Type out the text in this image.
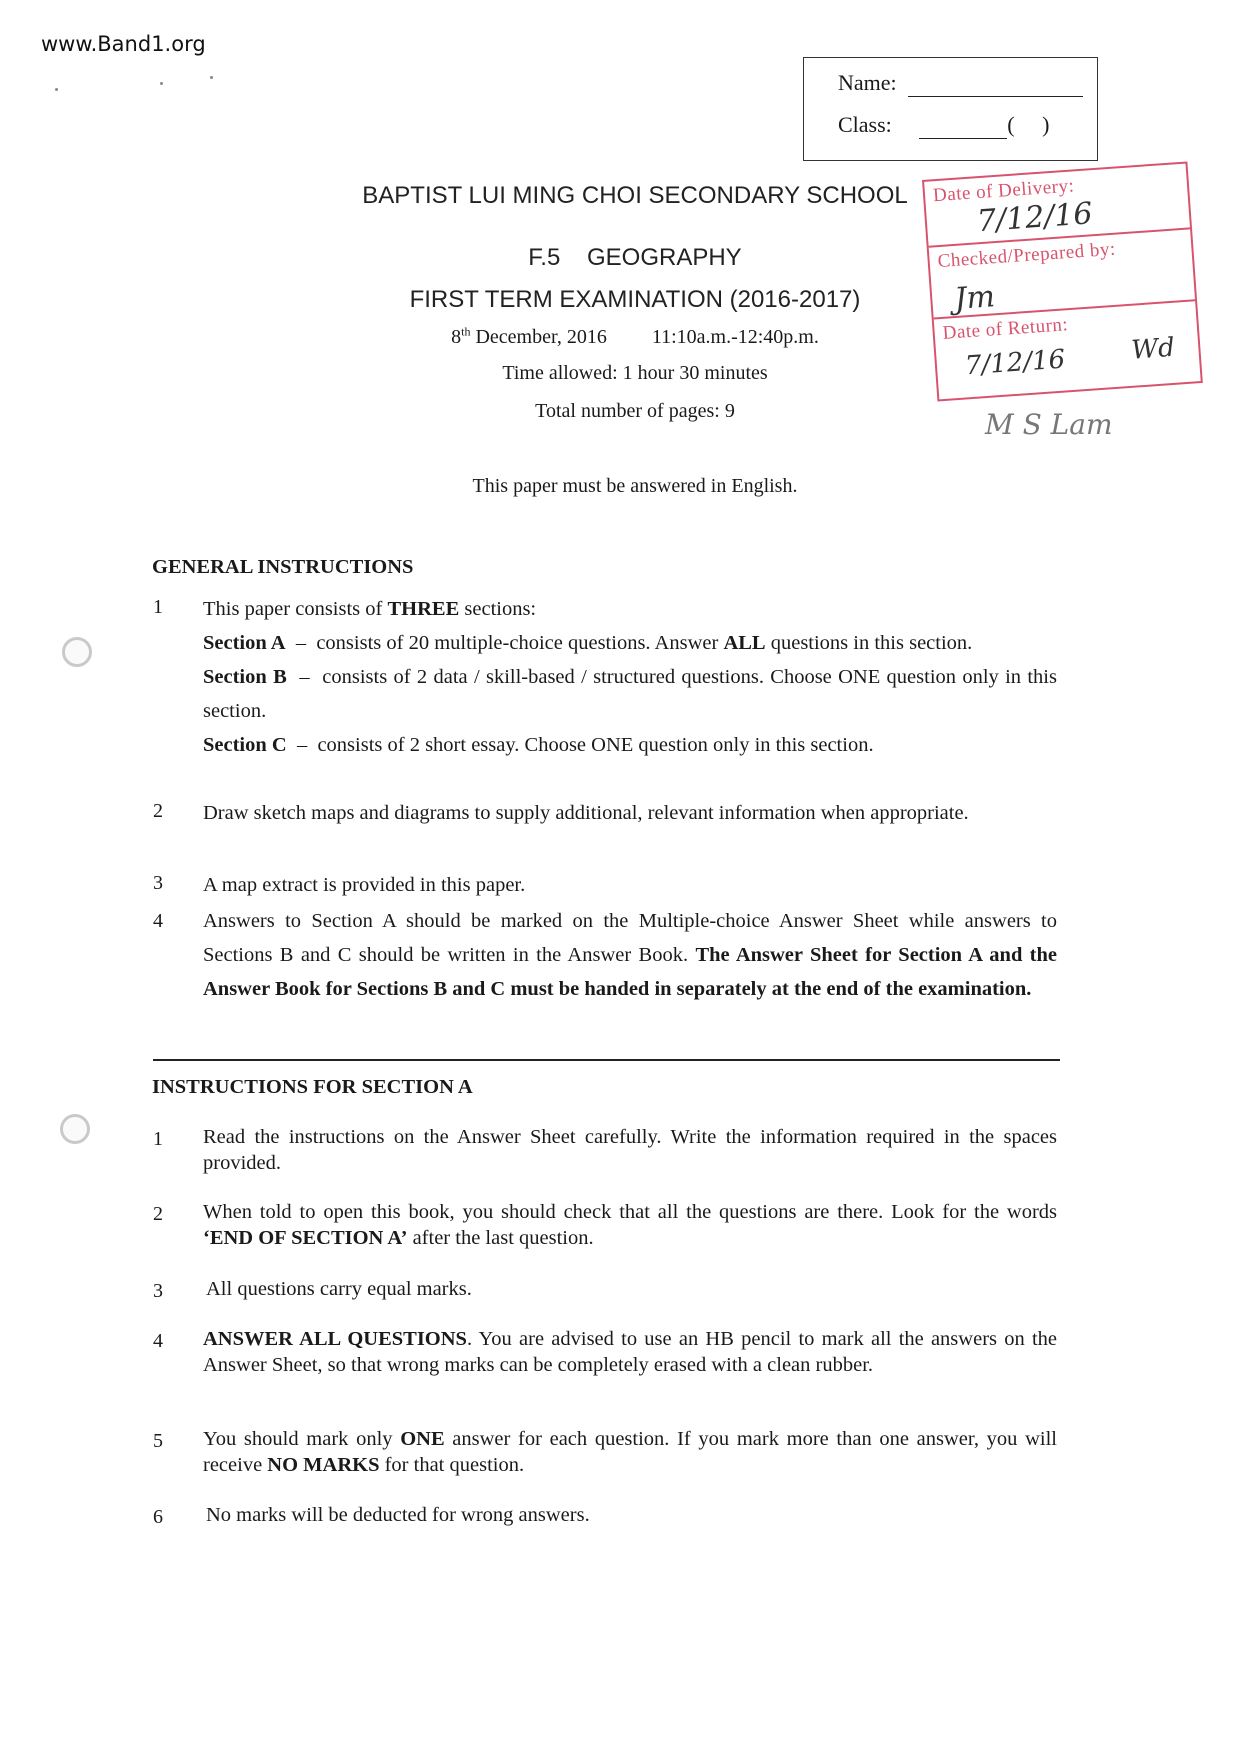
www.Band1.org
Name:
Class:	(     )
BAPTIST LUI MING CHOI SECONDARY SCHOOL
F.5    GEOGRAPHY
FIRST TERM EXAMINATION (2016-2017)
8th December, 2016 11:10a.m.-12:40p.m.
Time allowed: 1 hour 30 minutes
Total number of pages: 9
This paper must be answered in English.
Date of Delivery:
7/12/16
Checked/Prepared by:
Jm
Date of Return:
7/12/16 Wd
M S Lam
GENERAL INSTRUCTIONS
1 This paper consists of THREE sections:
Section A  –  consists of 20 multiple-choice questions. Answer ALL questions in this section.
Section B  –  consists of 2 data / skill-based / structured questions. Choose ONE question only in this section.
Section C  –  consists of 2 short essay. Choose ONE question only in this section.
2 Draw sketch maps and diagrams to supply additional, relevant information when appropriate.
3 A map extract is provided in this paper.
4 Answers to Section A should be marked on the Multiple-choice Answer Sheet while answers to Sections B and C should be written in the Answer Book. The Answer Sheet for Section A and the Answer Book for Sections B and C must be handed in separately at the end of the examination.
INSTRUCTIONS FOR SECTION A
1 Read the instructions on the Answer Sheet carefully. Write the information required in the spaces provided.
2 When told to open this book, you should check that all the questions are there. Look for the words ‘END OF SECTION A’ after the last question.
3 All questions carry equal marks.
4 ANSWER ALL QUESTIONS. You are advised to use an HB pencil to mark all the answers on the Answer Sheet, so that wrong marks can be completely erased with a clean rubber.
5 You should mark only ONE answer for each question. If you mark more than one answer, you will receive NO MARKS for that question.
6 No marks will be deducted for wrong answers.
